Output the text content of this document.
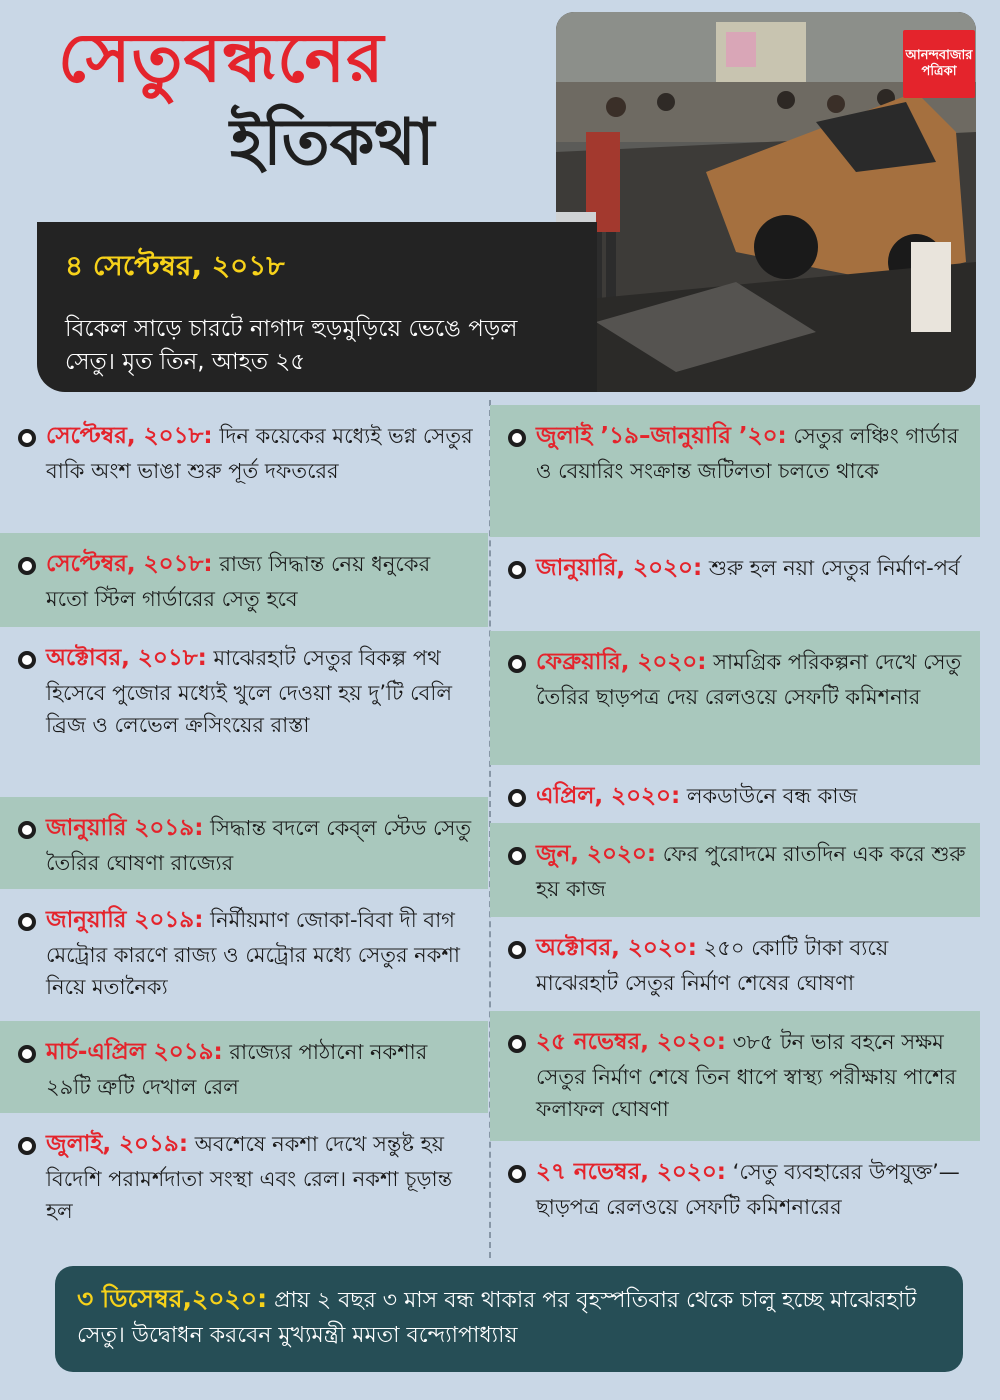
সেতুবন্ধনের
ইতিকথা
আনন্দবাজার
পত্রিকা
৪ সেপ্টেম্বর, ২০১৮
বিকেল সাড়ে চারটে নাগাদ হুড়মুড়িয়ে ভেঙে পড়ল সেতু। মৃত তিন, আহত ২৫
সেপ্টেম্বর, ২০১৮: দিন কয়েকের মধ্যেই ভগ্ন সেতুর বাকি অংশ ভাঙা শুরু পূর্ত দফতরের
সেপ্টেম্বর, ২০১৮: রাজ্য সিদ্ধান্ত নেয় ধনুকের মতো স্টিল গার্ডারের সেতু হবে
অক্টোবর, ২০১৮: মাঝেরহাট সেতুর বিকল্প পথ হিসেবে পুজোর মধ্যেই খুলে দেওয়া হয় দু’টি বেলি ব্রিজ ও লেভেল ক্রসিংয়ের রাস্তা
জানুয়ারি ২০১৯: সিদ্ধান্ত বদলে কেব্‌ল স্টেড সেতু তৈরির ঘোষণা রাজ্যের
জানুয়ারি ২০১৯: নির্মীয়মাণ জোকা-বিবা দী বাগ মেট্রোর কারণে রাজ্য ও মেট্রোর মধ্যে সেতুর নকশা নিয়ে মতানৈক্য
মার্চ-এপ্রিল ২০১৯: রাজ্যের পাঠানো নকশার ২৯টি ত্রুটি দেখাল রেল
জুলাই, ২০১৯: অবশেষে নকশা দেখে সন্তুষ্ট হয় বিদেশি পরামর্শদাতা সংস্থা এবং রেল। নকশা চূড়ান্ত হল
জুলাই ’১৯–জানুয়ারি ’২০: সেতুর লঞ্চিং গার্ডার ও বেয়ারিং সংক্রান্ত জটিলতা চলতে থাকে
জানুয়ারি, ২০২০: শুরু হল নয়া সেতুর নির্মাণ-পর্ব
ফেব্রুয়ারি, ২০২০: সামগ্রিক পরিকল্পনা দেখে সেতু তৈরির ছাড়পত্র দেয় রেলওয়ে সেফটি কমিশনার
এপ্রিল, ২০২০: লকডাউনে বন্ধ কাজ
জুন, ২০২০: ফের পুরোদমে রাতদিন এক করে শুরু হয় কাজ
অক্টোবর, ২০২০: ২৫০ কোটি টাকা ব্যয়ে মাঝেরহাট সেতুর নির্মাণ শেষের ঘোষণা
২৫ নভেম্বর, ২০২০: ৩৮৫ টন ভার বহনে সক্ষম সেতুর নির্মাণ শেষে তিন ধাপে স্বাস্থ্য পরীক্ষায় পাশের ফলাফল ঘোষণা
২৭ নভেম্বর, ২০২০: ‘সেতু ব্যবহারের উপযুক্ত’— ছাড়পত্র রেলওয়ে সেফটি কমিশনারের
৩ ডিসেম্বর,২০২০: প্রায় ২ বছর ৩ মাস বন্ধ থাকার পর বৃহস্পতিবার থেকে চালু হচ্ছে মাঝেরহাট সেতু। উদ্বোধন করবেন মুখ্যমন্ত্রী মমতা বন্দ্যোপাধ্যায়
